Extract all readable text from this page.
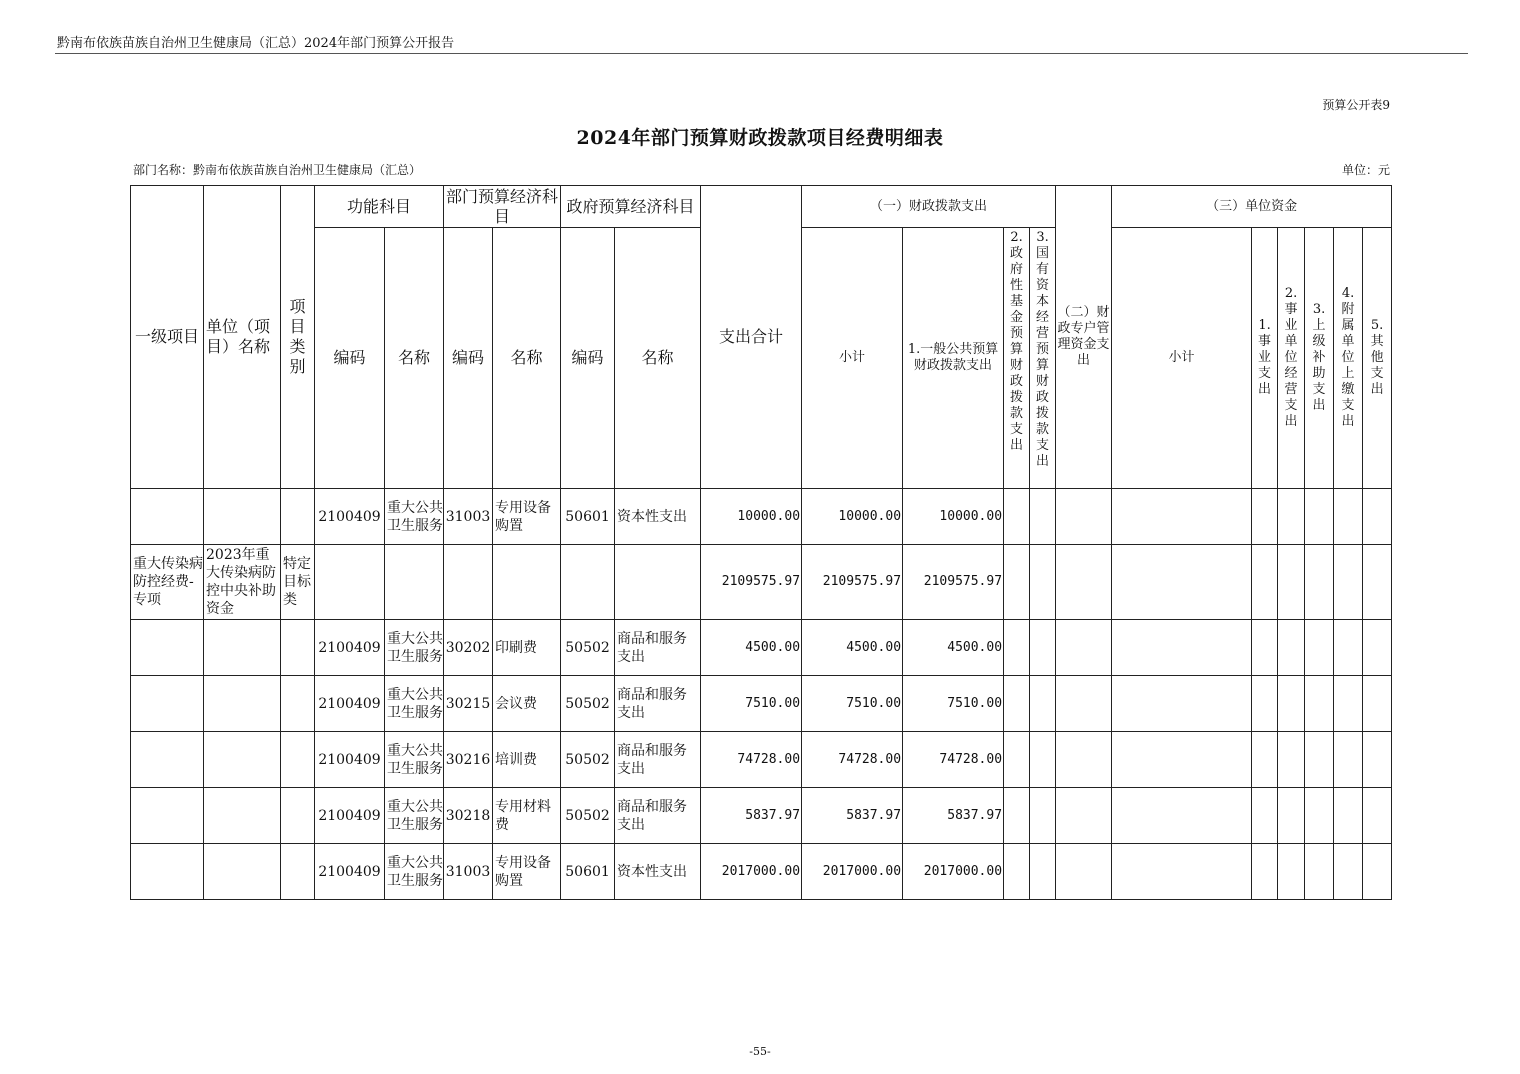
黔南布依族苗族自治州卫生健康局（汇总）2024年部门预算公开报告
预算公开表9
2024年部门预算财政拨款项目经费明细表
部门名称：黔南布依族苗族自治州卫生健康局（汇总）	单位：元
一级项目	单位（项目）名称	项目类别	功能科目		部门预算经济科目		政府预算经济科目		支出合计	（一）财政拨款支出				（二）财政专户管理资金支出	（三）单位资金					
			编码	名称	编码	名称	编码	名称		小计	1.一般公共预算财政拨款支出	2.政府性基金预算财政拨款支出	3.国有资本经营预算财政拨款支出		小计	1.事业支出	2.事业单位经营支出	3.上级补助支出	4.附属单位上缴支出	5.其他支出
			2100409	重大公共卫生服务	31003	专用设备购置	50601	资本性支出	10000.00	10000.00	10000.00									
重大传染病防控经费-专项	2023年重大传染病防控中央补助资金	特定目标类							2109575.97	2109575.97	2109575.97									
			2100409	重大公共卫生服务	30202	印刷费	50502	商品和服务支出	4500.00	4500.00	4500.00									
			2100409	重大公共卫生服务	30215	会议费	50502	商品和服务支出	7510.00	7510.00	7510.00									
			2100409	重大公共卫生服务	30216	培训费	50502	商品和服务支出	74728.00	74728.00	74728.00									
			2100409	重大公共卫生服务	30218	专用材料费	50502	商品和服务支出	5837.97	5837.97	5837.97									
			2100409	重大公共卫生服务	31003	专用设备购置	50601	资本性支出	2017000.00	2017000.00	2017000.00									
-55-
